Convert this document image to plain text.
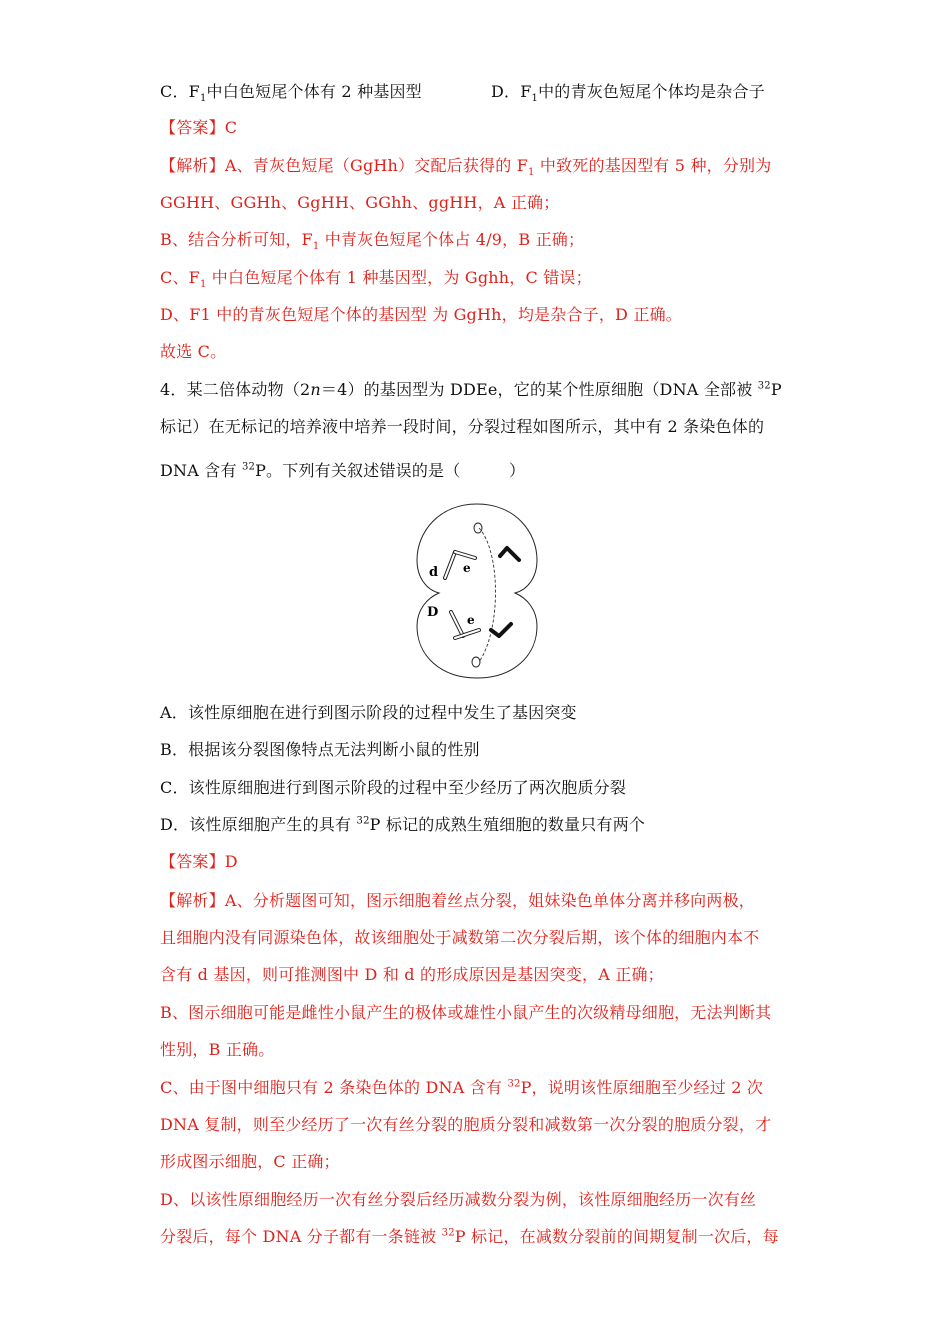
C．$F_1$中白色短尾个体有 2 种基因型	D．$F_1$中的青灰色短尾个体均是杂合子
【答案】C
【解析】A、青灰色短尾（GgHh）交配后获得的 $F_1$ 中致死的基因型有 5 种，分别为
GGHH、GGHh、GgHH、GGhh、ggHH，A 正确；
B、结合分析可知，$F_1$ 中青灰色短尾个体占 4/9，B 正确；
C、$F_1$ 中白色短尾个体有 1 种基因型，为 Gghh，C 错误；
D、F1 中的青灰色短尾个体的基因型 为 GgHh，均是杂合子，D 正确。
故选 C。
4．某二倍体动物（2n＝4）的基因型为 DDEe，它的某个性原细胞（DNA 全部被 $^{32}$P
标记）在无标记的培养液中培养一段时间，分裂过程如图所示，其中有 2 条染色体的
DNA 含有 $^{32}$P。下列有关叙述错误的是（　　　）
d e
D e
A．该性原细胞在进行到图示阶段的过程中发生了基因突变
B．根据该分裂图像特点无法判断小鼠的性别
C．该性原细胞进行到图示阶段的过程中至少经历了两次胞质分裂
D．该性原细胞产生的具有 $^{32}$P 标记的成熟生殖细胞的数量只有两个
【答案】D
【解析】A、分析题图可知，图示细胞着丝点分裂，姐妹染色单体分离并移向两极，
且细胞内没有同源染色体，故该细胞处于减数第二次分裂后期，该个体的细胞内本不
含有 d 基因，则可推测图中 D 和 d 的形成原因是基因突变，A 正确；
B、图示细胞可能是雌性小鼠产生的极体或雄性小鼠产生的次级精母细胞，无法判断其
性别，B 正确。
C、由于图中细胞只有 2 条染色体的 DNA 含有 $^{32}$P，说明该性原细胞至少经过 2 次
DNA 复制，则至少经历了一次有丝分裂的胞质分裂和减数第一次分裂的胞质分裂，才
形成图示细胞，C 正确；
D、以该性原细胞经历一次有丝分裂后经历减数分裂为例，该性原细胞经历一次有丝
分裂后，每个 DNA 分子都有一条链被 $^{32}$P 标记，在减数分裂前的间期复制一次后，每
